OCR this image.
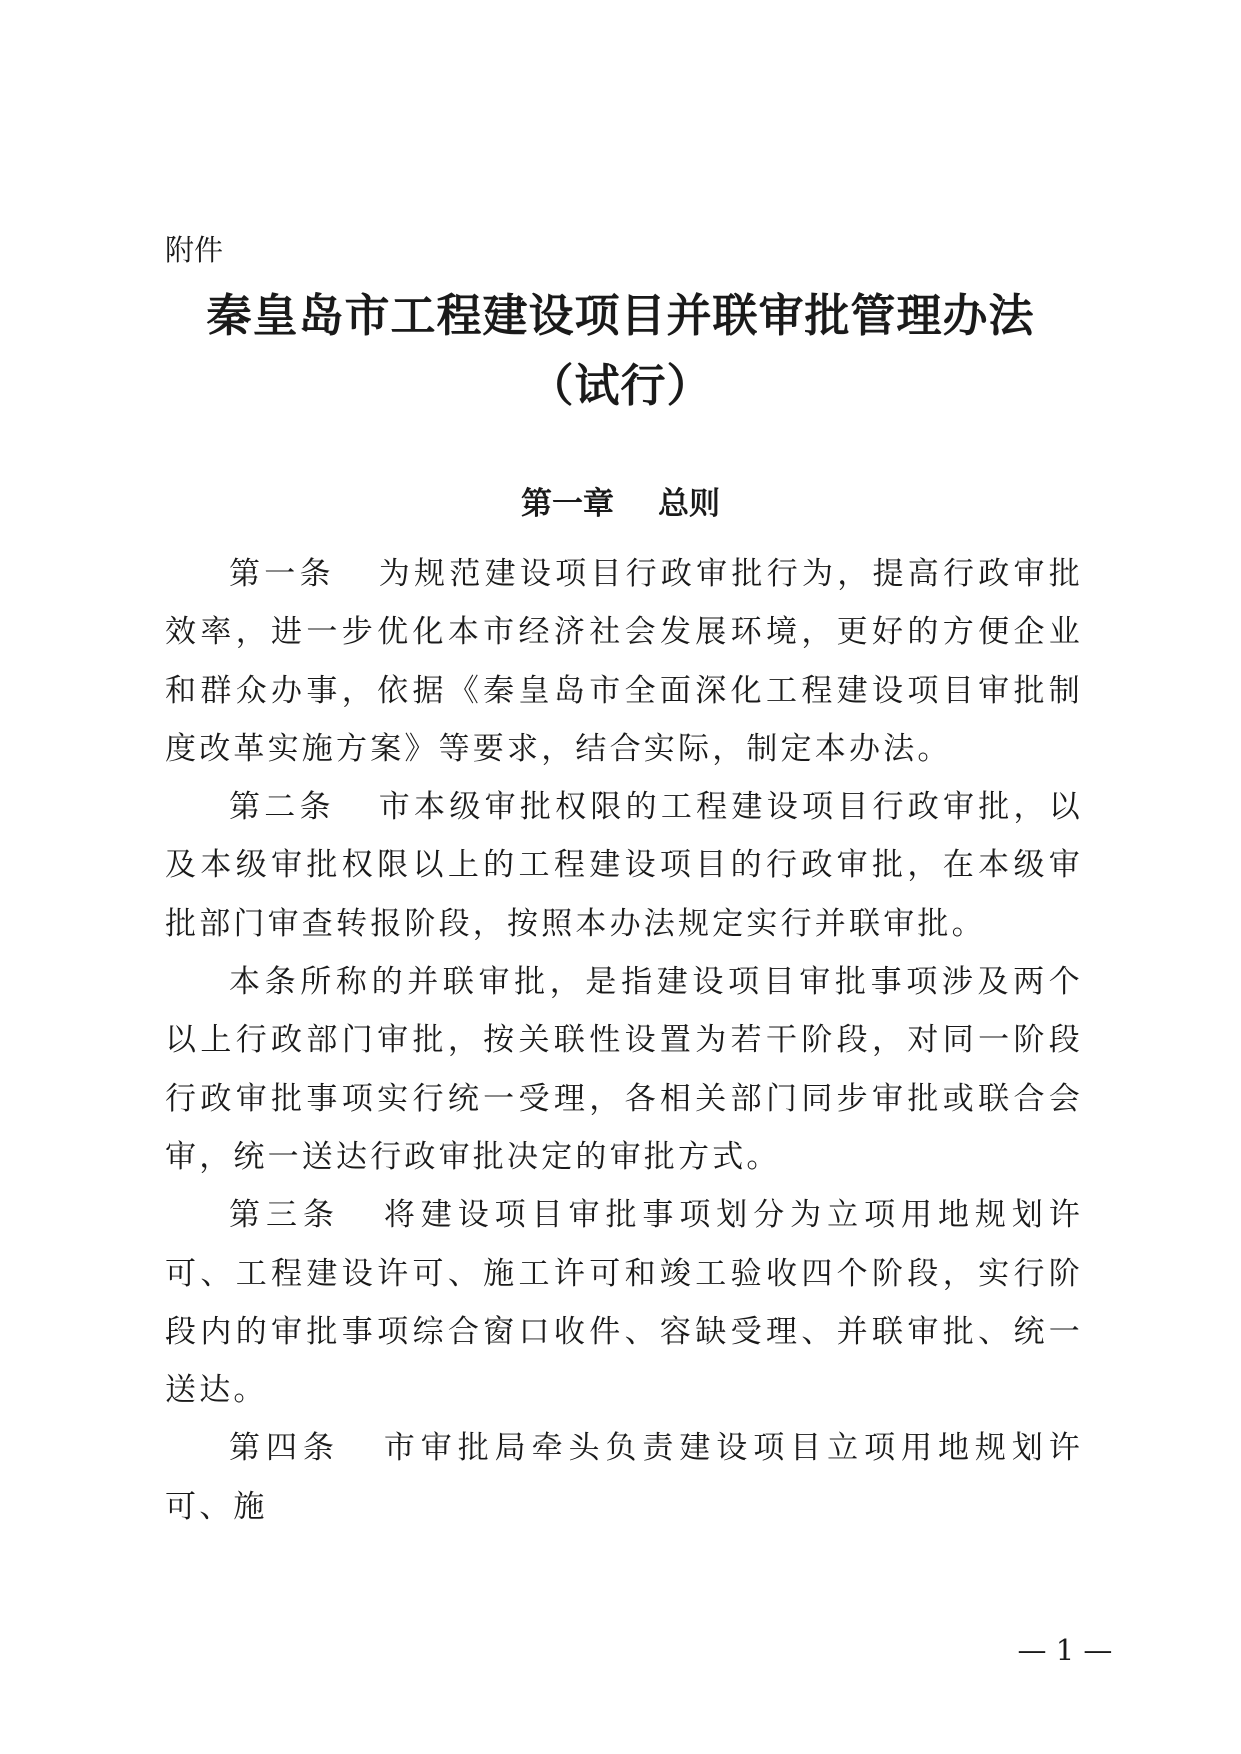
附件

秦皇岛市工程建设项目并联审批管理办法
（试行）
第一章 总则

第一条 为规范建设项目行政审批行为，提高行政审批效率，进一步优化本市经济社会发展环境，更好的方便企业和群众办事，依据《秦皇岛市全面深化工程建设项目审批制度改革实施方案》等要求，结合实际，制定本办法。

第二条 市本级审批权限的工程建设项目行政审批，以及本级审批权限以上的工程建设项目的行政审批，在本级审批部门审查转报阶段，按照本办法规定实行并联审批。

本条所称的并联审批，是指建设项目审批事项涉及两个以上行政部门审批，按关联性设置为若干阶段，对同一阶段行政审批事项实行统一受理，各相关部门同步审批或联合会审，统一送达行政审批决定的审批方式。

第三条 将建设项目审批事项划分为立项用地规划许可、工程建设许可、施工许可和竣工验收四个阶段，实行阶段内的审批事项综合窗口收件、容缺受理、并联审批、统一送达。

第四条 市审批局牵头负责建设项目立项用地规划许可、施

— 1 —
